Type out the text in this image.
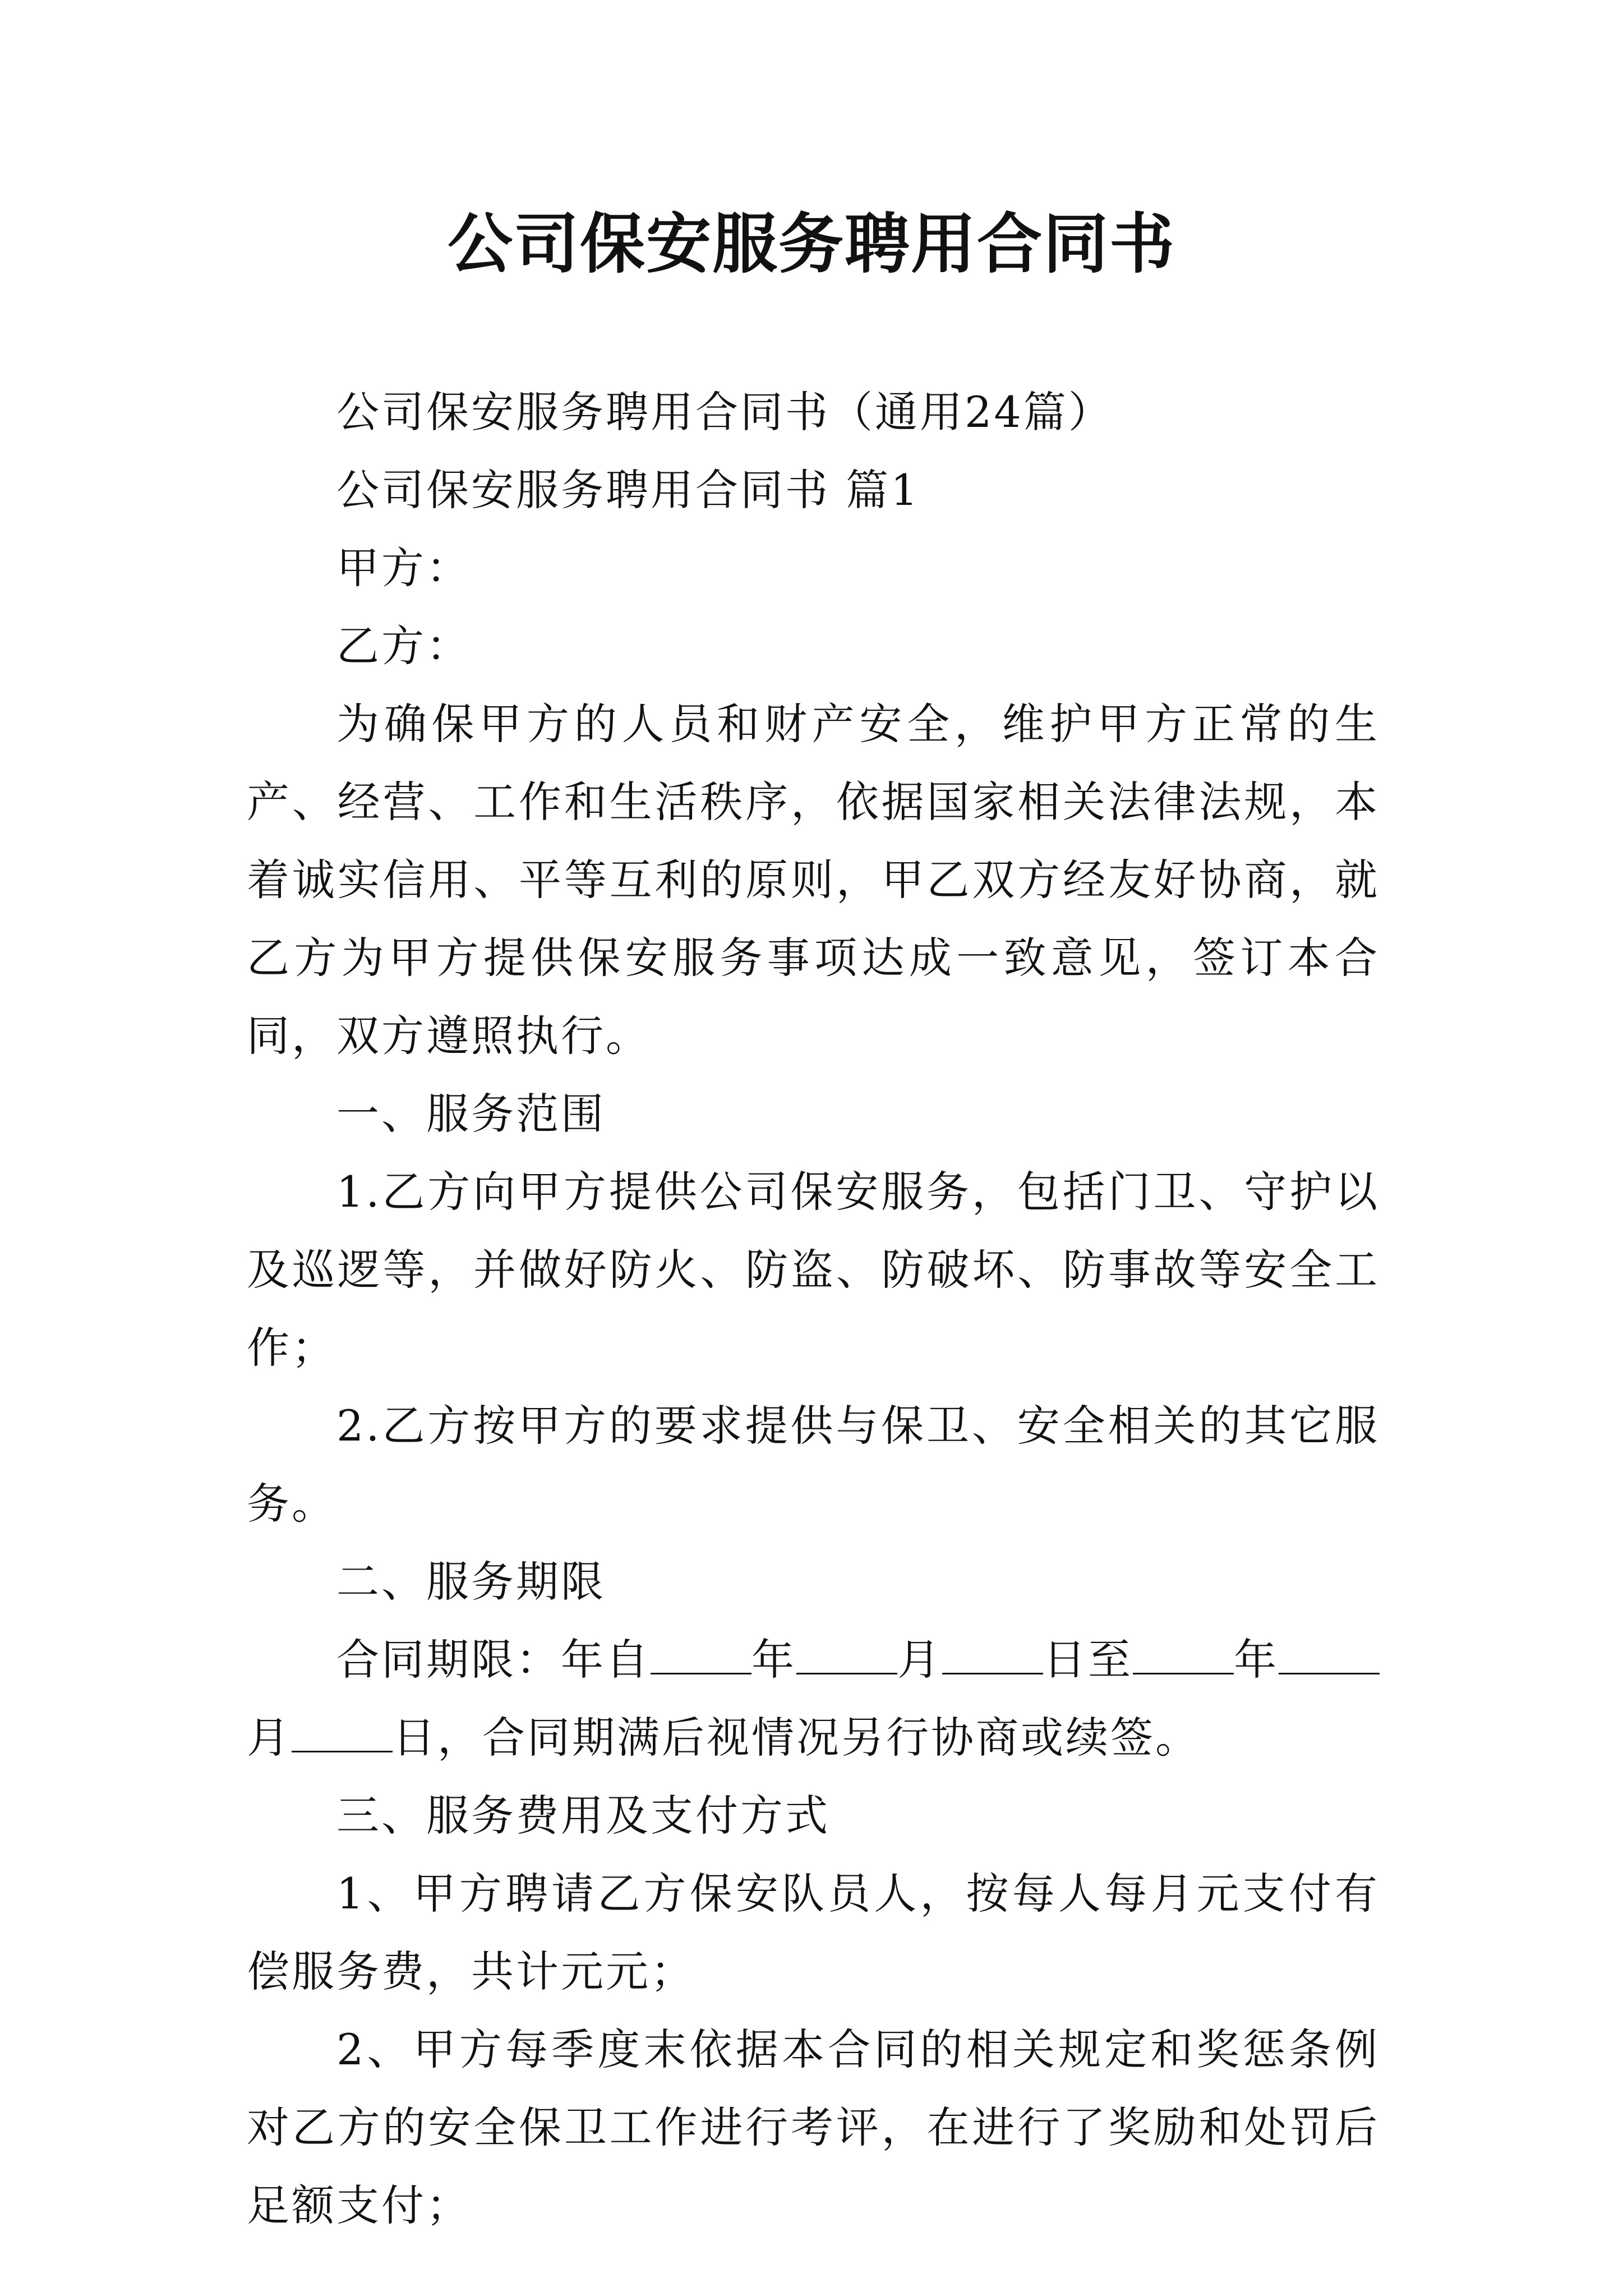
公司保安服务聘用合同书

公司保安服务聘用合同书（通用24篇）

公司保安服务聘用合同书 篇1

甲方：

乙方：

为确保甲方的人员和财产安全，维护甲方正常的生产、经营、工作和生活秩序，依据国家相关法律法规，本着诚实信用、平等互利的原则，甲乙双方经友好协商，就乙方为甲方提供保安服务事项达成一致意见，签订本合同，双方遵照执行。

一、服务范围

1.乙方向甲方提供公司保安服务，包括门卫、守护以及巡逻等，并做好防火、防盗、防破坏、防事故等安全工作；

2.乙方按甲方的要求提供与保卫、安全相关的其它服务。

二、服务期限

合同期限：年自 年 月 日至 年月 日，合同期满后视情况另行协商或续签。

三、服务费用及支付方式

1、甲方聘请乙方保安队员人，按每人每月元支付有偿服务费，共计元元；

2、甲方每季度末依据本合同的相关规定和奖惩条例对乙方的安全保卫工作进行考评，在进行了奖励和处罚后足额支付；
